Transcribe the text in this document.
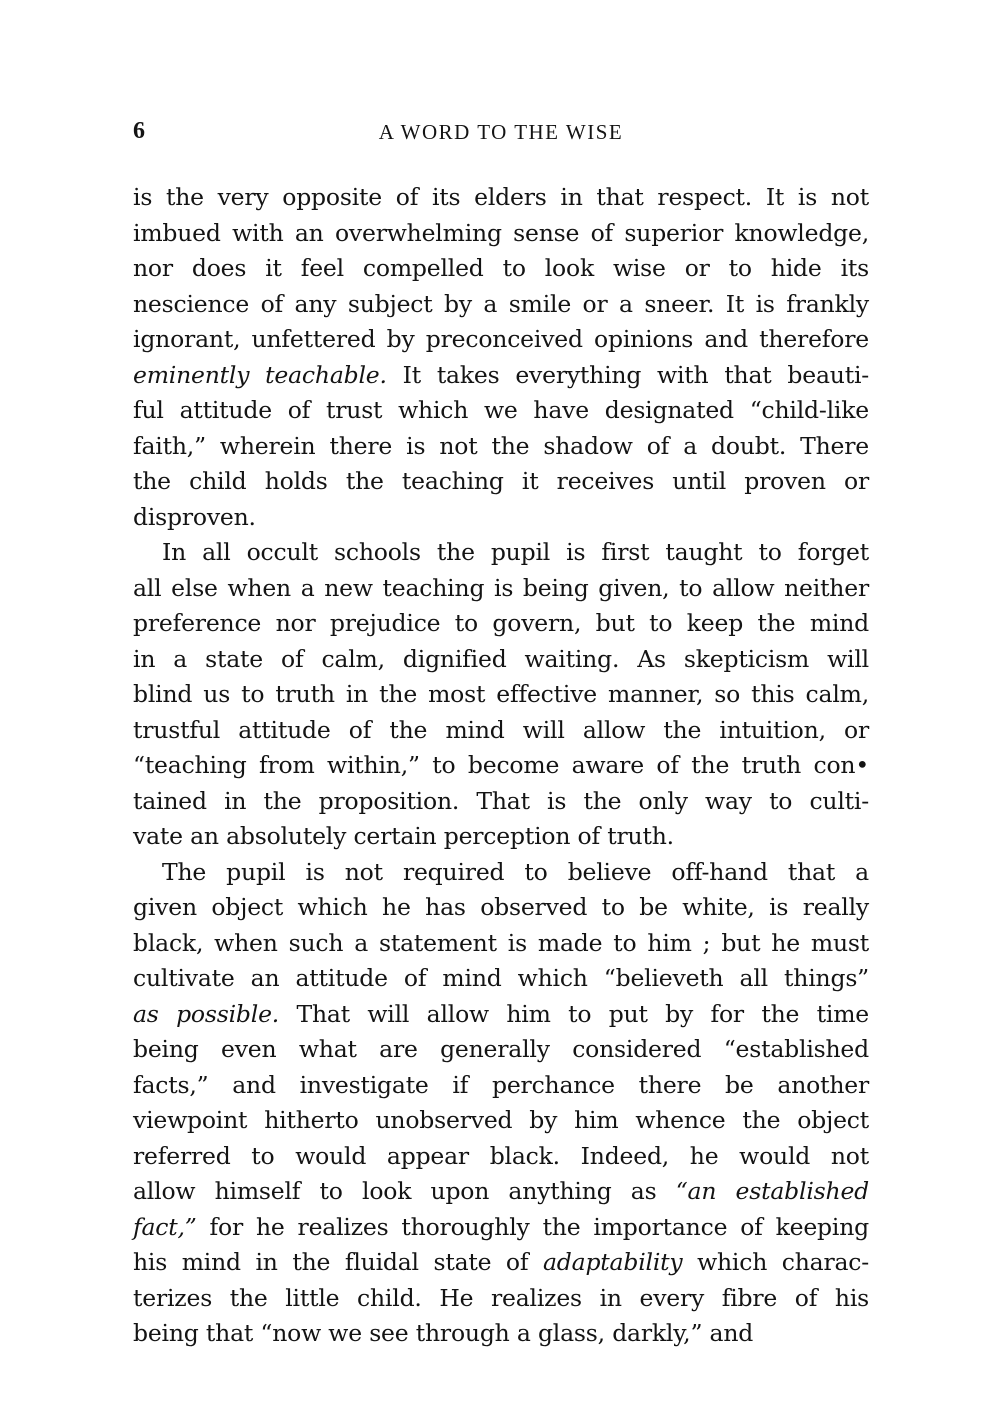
6	A WORD TO THE WISE
is the very opposite of its elders in that respect. It is not
imbued with an overwhelming sense of superior knowledge,
nor does it feel compelled to look wise or to hide its
nescience of any subject by a smile or a sneer. It is frankly
ignorant, unfettered by preconceived opinions and therefore
eminently teachable. It takes everything with that beauti-
ful attitude of trust which we have designated “child-like
faith,” wherein there is not the shadow of a doubt. There
the child holds the teaching it receives until proven or
disproven.
In all occult schools the pupil is first taught to forget
all else when a new teaching is being given, to allow neither
preference nor prejudice to govern, but to keep the mind
in a state of calm, dignified waiting. As skepticism will
blind us to truth in the most effective manner, so this calm,
trustful attitude of the mind will allow the intuition, or
“teaching from within,” to become aware of the truth con•
tained in the proposition. That is the only way to culti-
vate an absolutely certain perception of truth.
The pupil is not required to believe off-hand that a
given object which he has observed to be white, is really
black, when such a statement is made to him ; but he must
cultivate an attitude of mind which “believeth all things”
as possible. That will allow him to put by for the time
being even what are generally considered “established
facts,” and investigate if perchance there be another
viewpoint hitherto unobserved by him whence the object
referred to would appear black. Indeed, he would not
allow himself to look upon anything as “an established
fact,” for he realizes thoroughly the importance of keeping
his mind in the fluidal state of adaptability which charac-
terizes the little child. He realizes in every fibre of his
being that “now we see through a glass, darkly,” and
